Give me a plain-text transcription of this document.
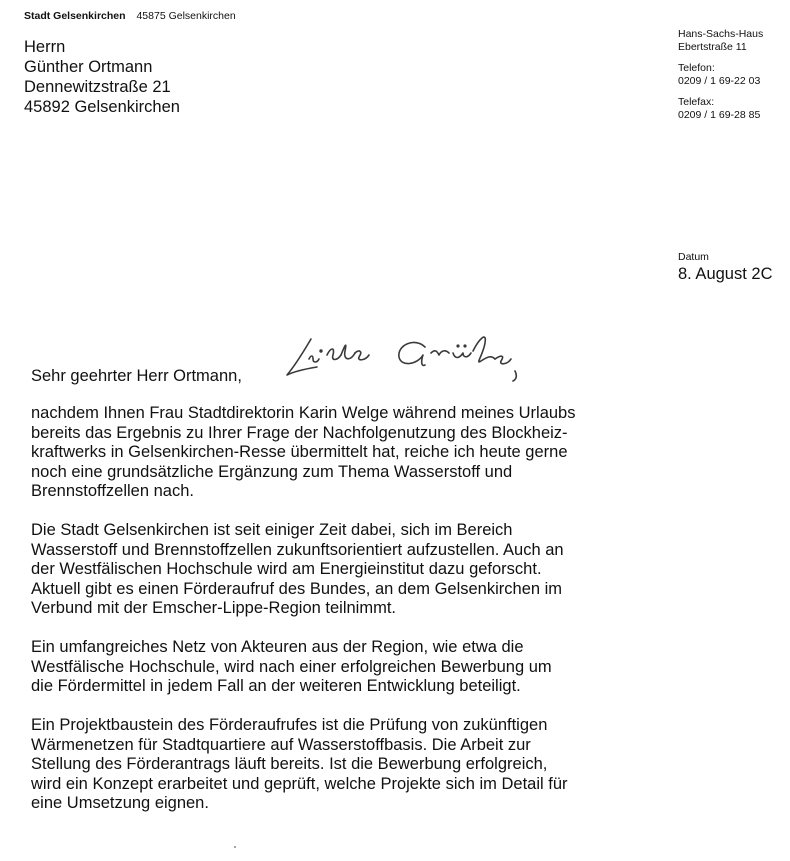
Stadt Gelsenkirchen 45875 Gelsenkirchen
Herrn
Günther Ortmann
Dennewitzstraße 21
45892 Gelsenkirchen
Hans-Sachs-Haus
Ebertstraße 11
Telefon:
0209 / 1 69-22 03
Telefax:
0209 / 1 69-28 85
Datum
8. August 2C
Sehr geehrter Herr Ortmann,
Liebe Grüße

nachdem Ihnen Frau Stadtdirektorin Karin Welge während meines Urlaubs
bereits das Ergebnis zu Ihrer Frage der Nachfolgenutzung des Blockheiz-
kraftwerks in Gelsenkirchen-Resse übermittelt hat, reiche ich heute gerne
noch eine grundsätzliche Ergänzung zum Thema Wasserstoff und
Brennstoffzellen nach.

Die Stadt Gelsenkirchen ist seit einiger Zeit dabei, sich im Bereich
Wasserstoff und Brennstoffzellen zukunftsorientiert aufzustellen. Auch an
der Westfälischen Hochschule wird am Energieinstitut dazu geforscht.
Aktuell gibt es einen Förderaufruf des Bundes, an dem Gelsenkirchen im
Verbund mit der Emscher-Lippe-Region teilnimmt.

Ein umfangreiches Netz von Akteuren aus der Region, wie etwa die
Westfälische Hochschule, wird nach einer erfolgreichen Bewerbung um
die Fördermittel in jedem Fall an der weiteren Entwicklung beteiligt.

Ein Projektbaustein des Förderaufrufes ist die Prüfung von zukünftigen
Wärmenetzen für Stadtquartiere auf Wasserstoffbasis. Die Arbeit zur
Stellung des Förderantrags läuft bereits. Ist die Bewerbung erfolgreich,
wird ein Konzept erarbeitet und geprüft, welche Projekte sich im Detail für
eine Umsetzung eignen.
